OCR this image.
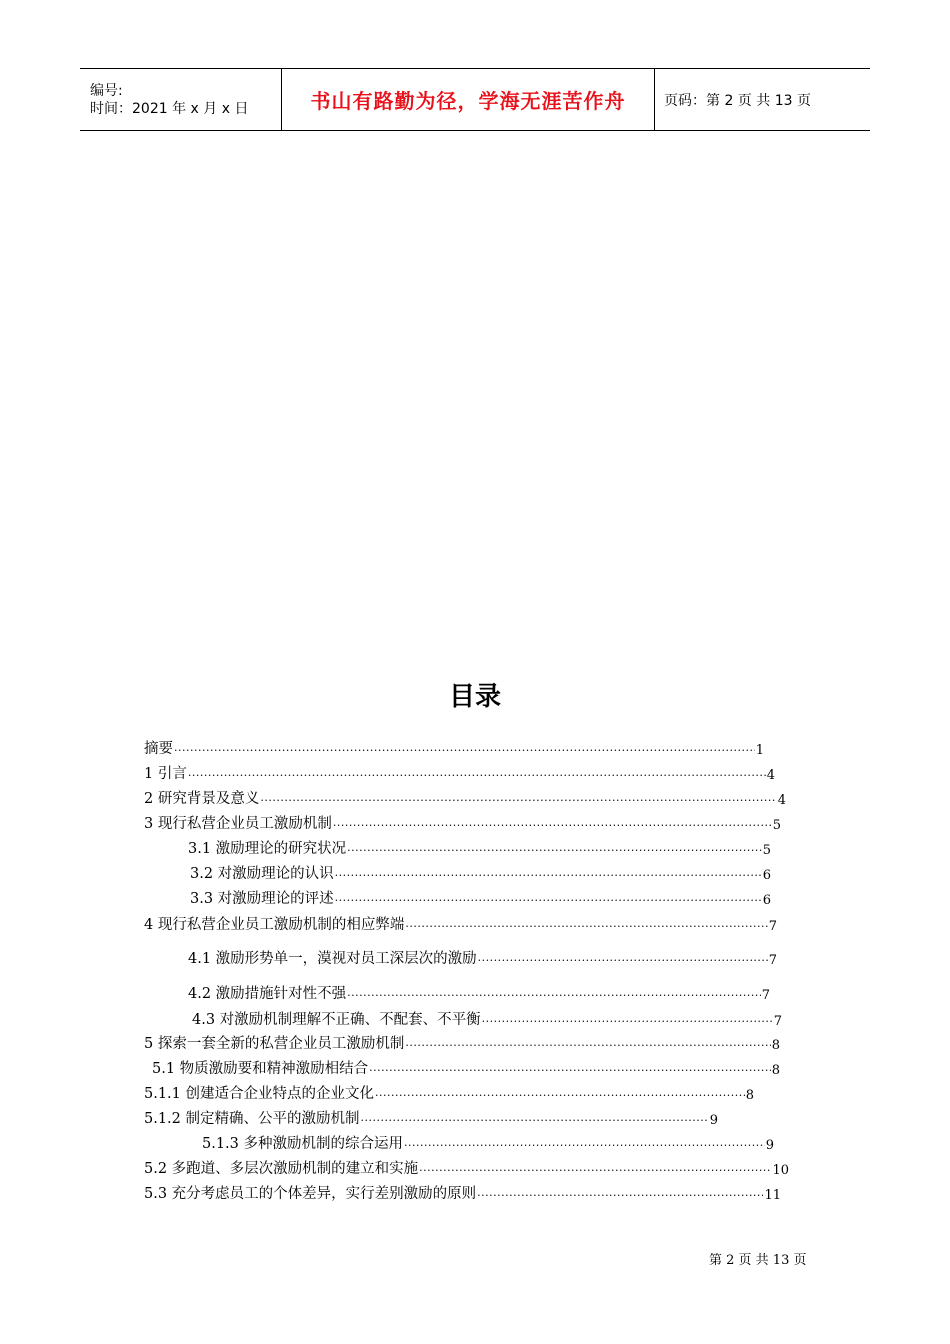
编号:
时间：2021 年 x 月 x 日	书山有路勤为径，学海无涯苦作舟	页码：第 2 页 共 13 页
目录
摘要 ·····	1
1 引言 ·····	4
2 研究背景及意义 ·····	4
3 现行私营企业员工激励机制 ·····	5
3.1 激励理论的研究状况 ·····	5
3.2 对激励理论的认识 ·····	6
3.3 对激励理论的评述 ·····	6
4 现行私营企业员工激励机制的相应弊端 ·····	7
4.1 激励形势单一，漠视对员工深层次的激励 ·····	7
4.2 激励措施针对性不强 ·····	7
4.3 对激励机制理解不正确、不配套、不平衡 ·····	7
5 探索一套全新的私营企业员工激励机制 ·····	8
5.1 物质激励要和精神激励相结合 ·····	8
5.1.1 创建适合企业特点的企业文化 ·····	8
5.1.2 制定精确、公平的激励机制 ·····	9
5.1.3 多种激励机制的综合运用 ·····	9
5.2 多跑道、多层次激励机制的建立和实施 ·····	10
5.3 充分考虑员工的个体差异，实行差别激励的原则 ·····	11
第 2 页 共 13 页
